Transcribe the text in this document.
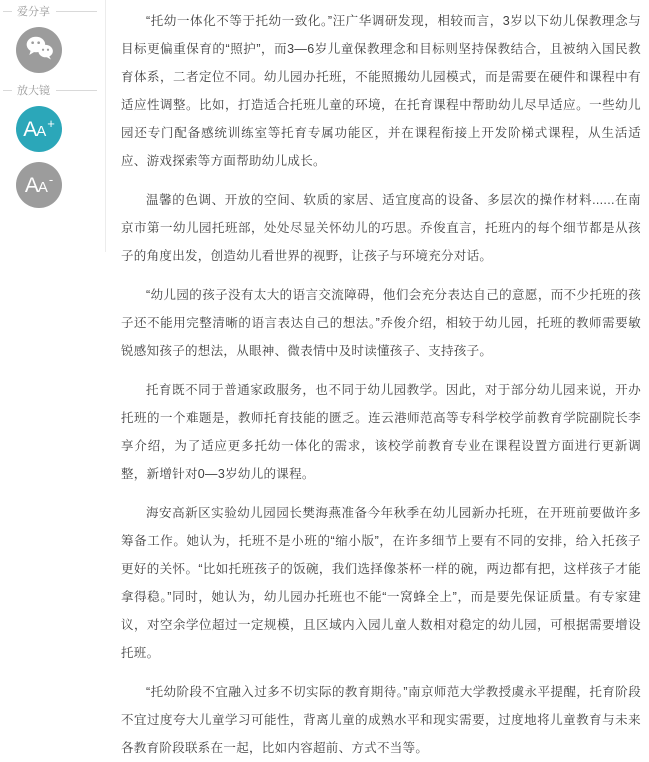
爱分享
放大镜
A A +
A A -

“托幼一体化不等于托幼一致化。”汪广华调研发现，相较而言，3岁以下幼儿保教理念与目标更偏重保育的“照护”，而3—6岁儿童保教理念和目标则坚持保教结合，且被纳入国民教育体系，二者定位不同。幼儿园办托班，不能照搬幼儿园模式，而是需要在硬件和课程中有适应性调整。比如，打造适合托班儿童的环境，在托育课程中帮助幼儿尽早适应。一些幼儿园还专门配备感统训练室等托育专属功能区，并在课程衔接上开发阶梯式课程，从生活适应、游戏探索等方面帮助幼儿成长。

温馨的色调、开放的空间、软质的家居、适宜度高的设备、多层次的操作材料......在南京市第一幼儿园托班部，处处尽显关怀幼儿的巧思。乔俊直言，托班内的每个细节都是从孩子的角度出发，创造幼儿看世界的视野，让孩子与环境充分对话。

“幼儿园的孩子没有太大的语言交流障碍，他们会充分表达自己的意愿，而不少托班的孩子还不能用完整清晰的语言表达自己的想法。”乔俊介绍，相较于幼儿园，托班的教师需要敏锐感知孩子的想法，从眼神、微表情中及时读懂孩子、支持孩子。

托育既不同于普通家政服务，也不同于幼儿园教学。因此，对于部分幼儿园来说，开办托班的一个难题是，教师托育技能的匮乏。连云港师范高等专科学校学前教育学院副院长李享介绍，为了适应更多托幼一体化的需求，该校学前教育专业在课程设置方面进行更新调整，新增针对0—3岁幼儿的课程。

海安高新区实验幼儿园园长樊海燕准备今年秋季在幼儿园新办托班，在开班前要做许多筹备工作。她认为，托班不是小班的“缩小版”，在许多细节上要有不同的安排，给入托孩子更好的关怀。“比如托班孩子的饭碗，我们选择像茶杯一样的碗，两边都有把，这样孩子才能拿得稳。”同时，她认为，幼儿园办托班也不能“一窝蜂全上”，而是要先保证质量。有专家建议，对空余学位超过一定规模，且区域内入园儿童人数相对稳定的幼儿园，可根据需要增设托班。

“托幼阶段不宜融入过多不切实际的教育期待。”南京师范大学教授虞永平提醒，托育阶段不宜过度夸大儿童学习可能性，背离儿童的成熟水平和现实需要，过度地将儿童教育与未来各教育阶段联系在一起，比如内容超前、方式不当等。
